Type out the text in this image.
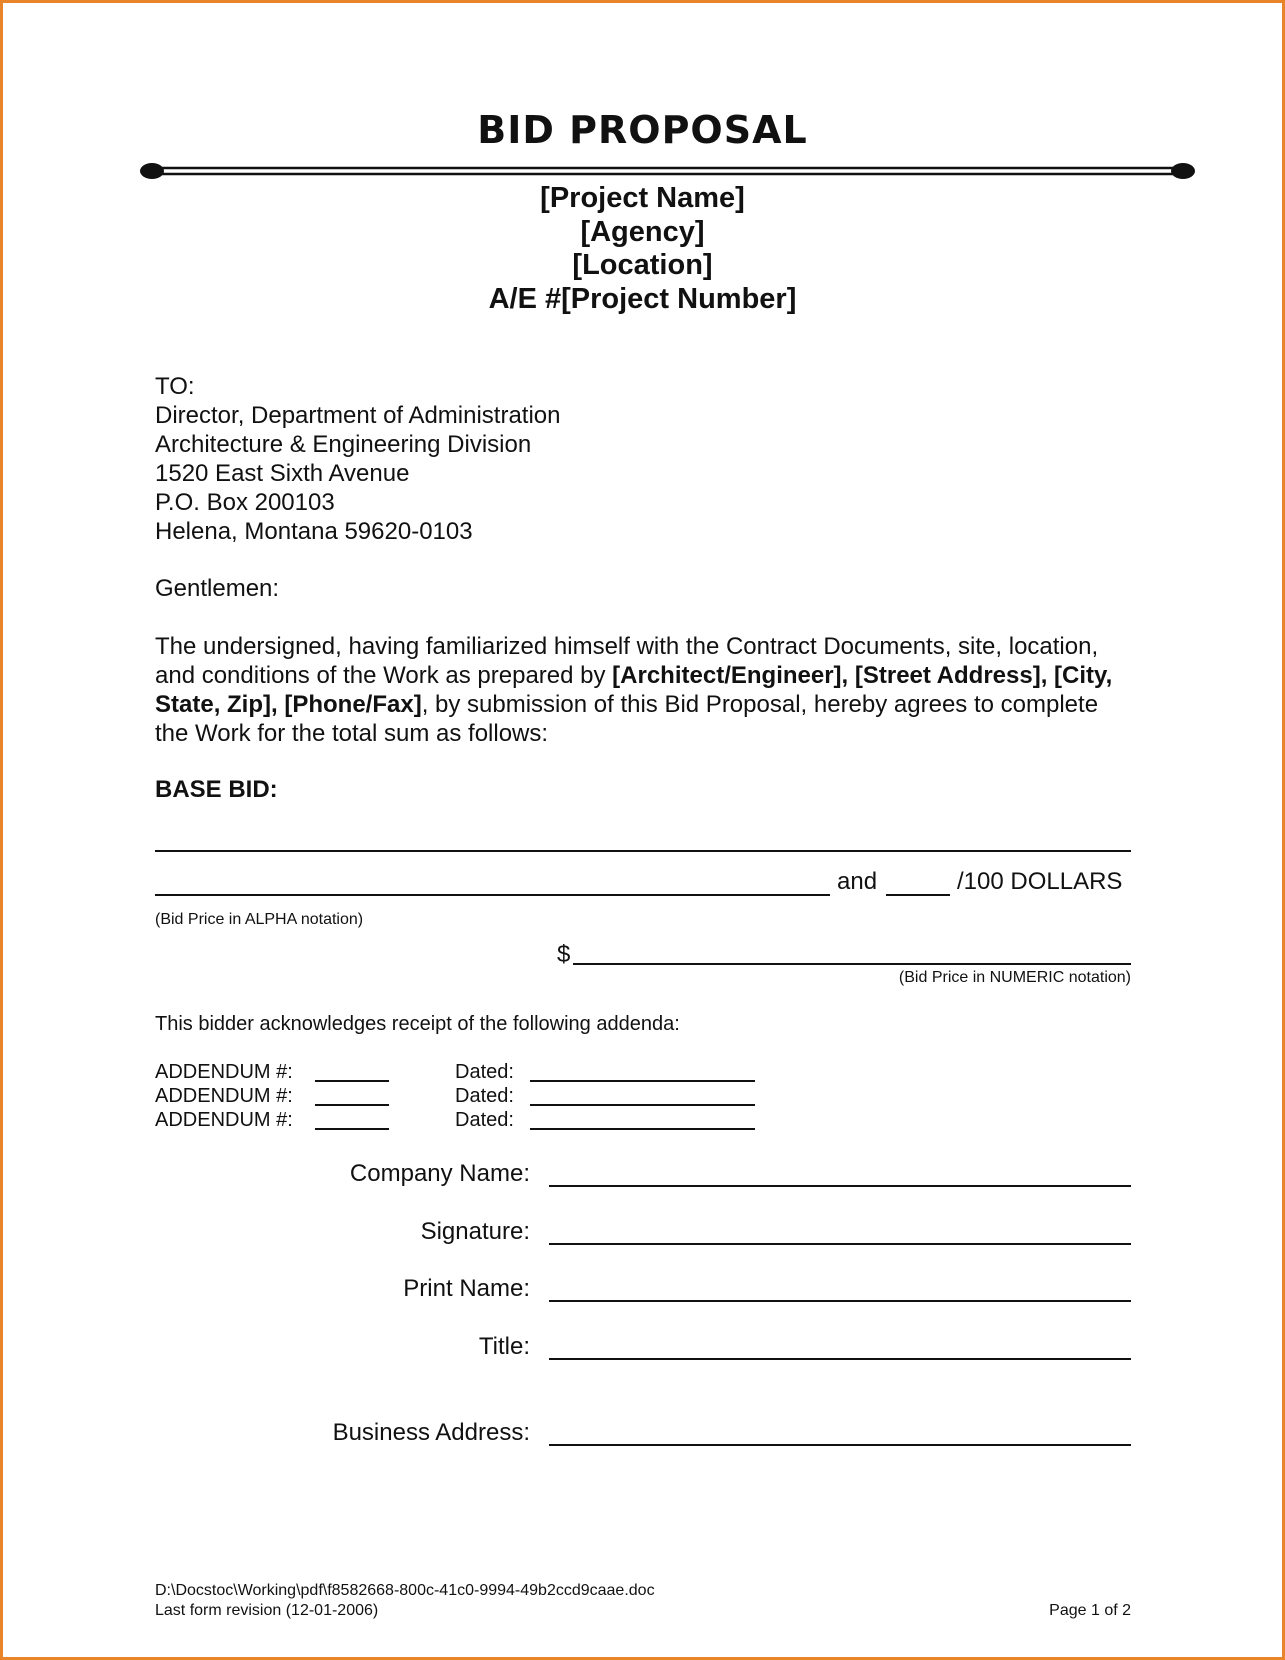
BID PROPOSAL
[Project Name]
[Agency]
[Location]
A/E #[Project Number]
TO:
Director, Department of Administration
Architecture & Engineering Division
1520 East Sixth Avenue
P.O. Box 200103
Helena, Montana 59620-0103
Gentlemen:
The undersigned, having familiarized himself with the Contract Documents, site, location, and conditions of the Work as prepared by [Architect/Engineer], [Street Address], [City, State, Zip], [Phone/Fax], by submission of this Bid Proposal, hereby agrees to complete the Work for the total sum as follows:
BASE BID:
and	/100 DOLLARS
(Bid Price in ALPHA notation)
$
(Bid Price in NUMERIC notation)
This bidder acknowledges receipt of the following addenda:
ADDENDUM #:	Dated:
ADDENDUM #:	Dated:
ADDENDUM #:	Dated:
Company Name:
Signature:
Print Name:
Title:
Business Address:
D:\Docstoc\Working\pdf\f8582668-800c-41c0-9994-49b2ccd9caae.doc
Last form revision (12-01-2006)	Page 1 of 2
